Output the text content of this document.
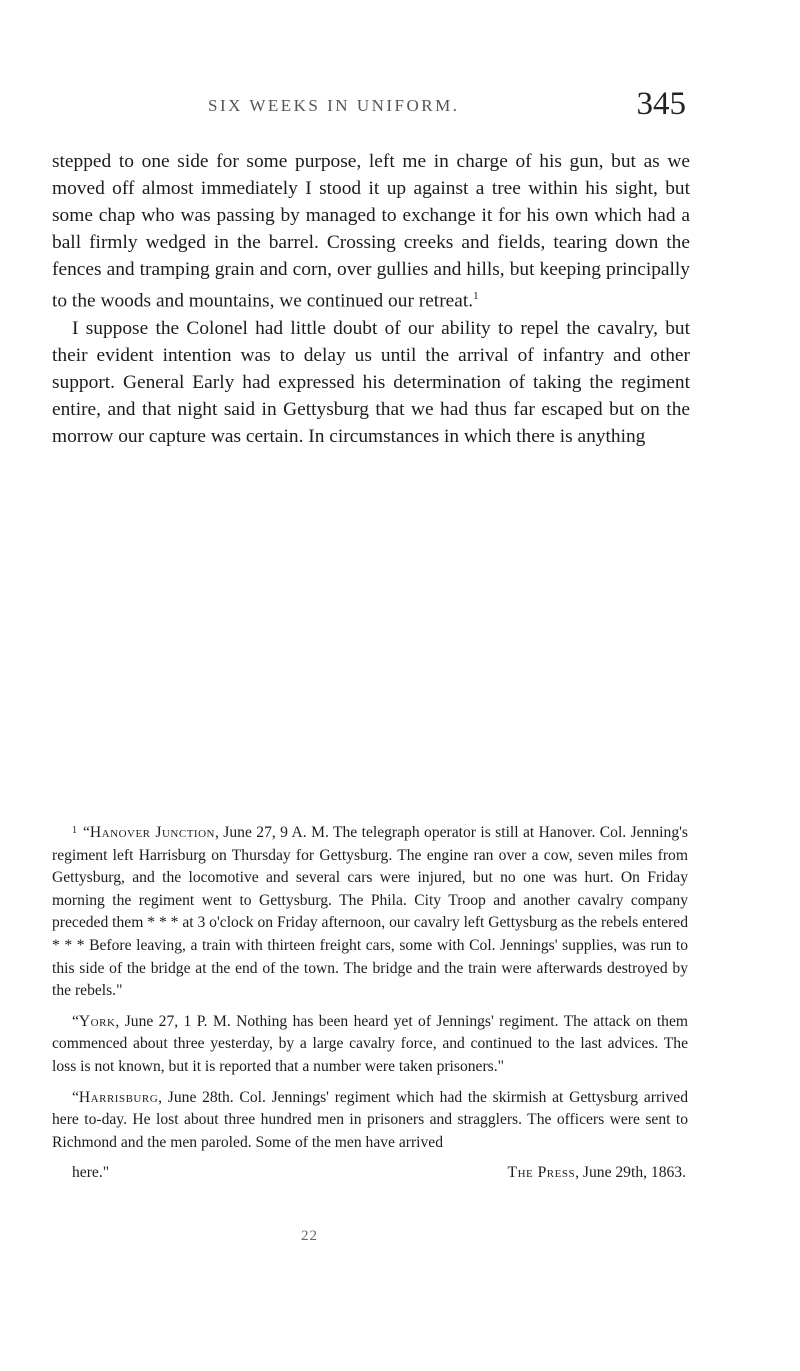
SIX WEEKS IN UNIFORM.	345

stepped to one side for some purpose, left me in charge of his gun, but as we moved off almost immediately I stood it up against a tree within his sight, but some chap who was passing by managed to exchange it for his own which had a ball firmly wedged in the barrel. Crossing creeks and fields, tearing down the fences and tramping grain and corn, over gullies and hills, but keeping principally to the woods and mountains, we continued our retreat.$^1$

I suppose the Colonel had little doubt of our ability to repel the cavalry, but their evident intention was to delay us until the arrival of infantry and other support. General Early had expressed his determination of taking the regiment entire, and that night said in Gettysburg that we had thus far escaped but on the morrow our capture was certain. In circumstances in which there is anything

$^1$ “Hanover Junction, June 27, 9 A. M. The telegraph operator is still at Hanover. Col. Jenning's regiment left Harrisburg on Thursday for Gettysburg. The engine ran over a cow, seven miles from Gettysburg, and the locomotive and several cars were injured, but no one was hurt. On Friday morning the regiment went to Gettysburg. The Phila. City Troop and another cavalry company preceded them * * * at 3 o'clock on Friday afternoon, our cavalry left Gettysburg as the rebels entered * * * Before leaving, a train with thirteen freight cars, some with Col. Jennings' supplies, was run to this side of the bridge at the end of the town. The bridge and the train were afterwards destroyed by the rebels."

“York, June 27, 1 P. M. Nothing has been heard yet of Jennings' regiment. The attack on them commenced about three yesterday, by a large cavalry force, and continued to the last advices. The loss is not known, but it is reported that a number were taken prisoners."

“Harrisburg, June 28th. Col. Jennings' regiment which had the skirmish at Gettysburg arrived here to-day. He lost about three hundred men in prisoners and stragglers. The officers were sent to Richmond and the men paroled. Some of the men have arrived

here."	The Press, June 29th, 1863.

22
